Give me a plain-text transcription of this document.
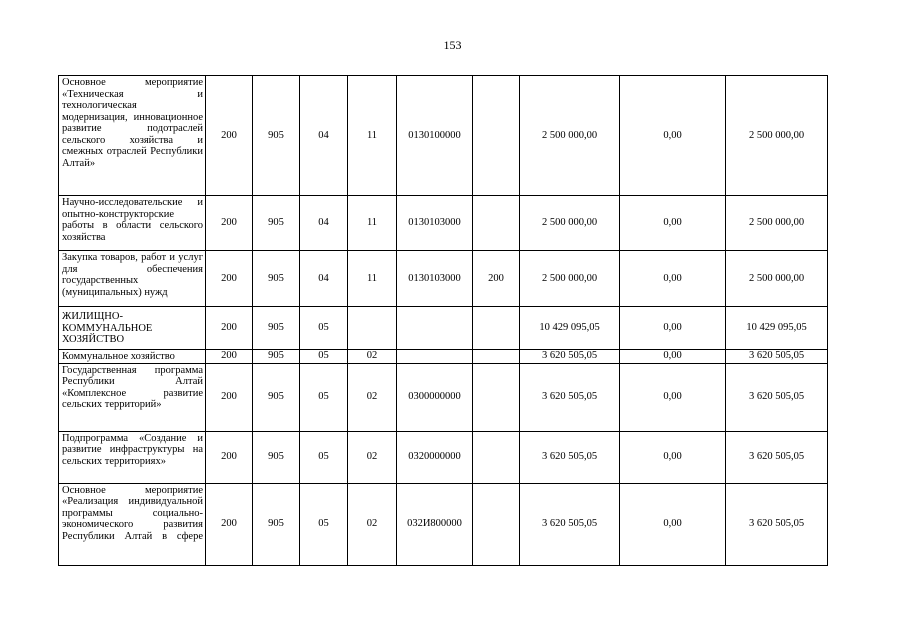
153
Основное мероприятие «Техническая и технологическая модернизация, инновационное развитие подотраслей сельского хозяйства и смежных отраслей Республики Алтай»	200	905	04	11	0130100000		2 500 000,00	0,00	2 500 000,00
Научно-исследовательские и опытно-конструкторские работы в области сельского хозяйства	200	905	04	11	0130103000		2 500 000,00	0,00	2 500 000,00
Закупка товаров, работ и услуг для обеспечения государственных (муниципальных) нужд	200	905	04	11	0130103000	200	2 500 000,00	0,00	2 500 000,00
ЖИЛИЩНО-КОММУНАЛЬНОЕ ХОЗЯЙСТВО	200	905	05				10 429 095,05	0,00	10 429 095,05
Коммунальное хозяйство	200	905	05	02			3 620 505,05	0,00	3 620 505,05
Государственная программа Республики Алтай «Комплексное развитие сельских территорий»	200	905	05	02	0300000000		3 620 505,05	0,00	3 620 505,05
Подпрограмма «Создание и развитие инфраструктуры на сельских территориях»	200	905	05	02	0320000000		3 620 505,05	0,00	3 620 505,05
Основное мероприятие «Реализация индивидуальной программы социально-экономического развития Республики Алтай в сфере	200	905	05	02	032И800000		3 620 505,05	0,00	3 620 505,05
